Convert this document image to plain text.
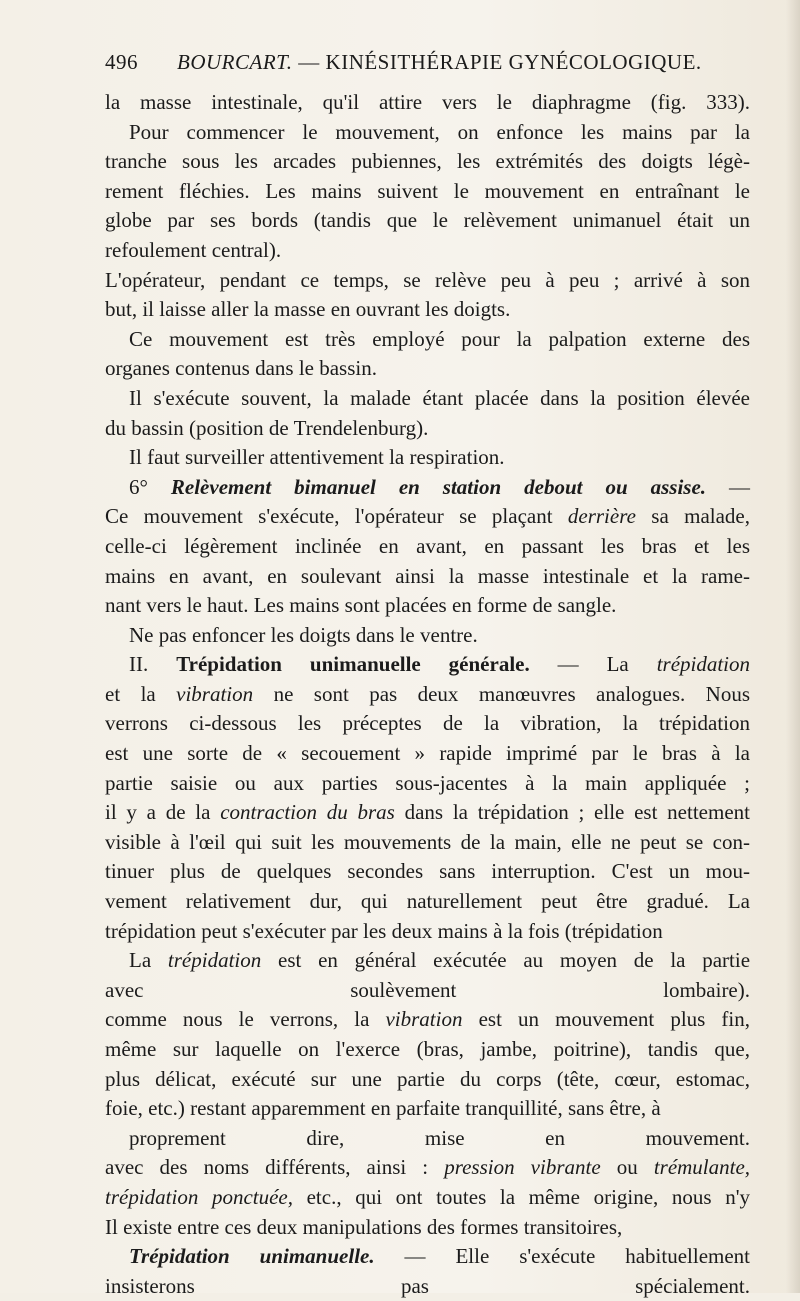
496 BOURCART. — KINÉSITHÉRAPIE GYNÉCOLOGIQUE.
la masse intestinale, qu'il attire vers le diaphragme (fig. 333).
Pour commencer le mouvement, on enfonce les mains par la
tranche sous les arcades pubiennes, les extrémités des doigts légè-
rement fléchies. Les mains suivent le mouvement en entraînant le
globe par ses bords (tandis que le relèvement unimanuel était un
refoulement central).
L'opérateur, pendant ce temps, se relève peu à peu ; arrivé à son
but, il laisse aller la masse en ouvrant les doigts.
Ce mouvement est très employé pour la palpation externe des
organes contenus dans le bassin.
Il s'exécute souvent, la malade étant placée dans la position élevée
du bassin (position de Trendelenburg).
Il faut surveiller attentivement la respiration.
6° Relèvement bimanuel en station debout ou assise. —
Ce mouvement s'exécute, l'opérateur se plaçant derrière sa malade,
celle-ci légèrement inclinée en avant, en passant les bras et les
mains en avant, en soulevant ainsi la masse intestinale et la rame-
nant vers le haut. Les mains sont placées en forme de sangle.
Ne pas enfoncer les doigts dans le ventre.
II. Trépidation unimanuelle générale. — La trépidation
et la vibration ne sont pas deux manœuvres analogues. Nous
verrons ci-dessous les préceptes de la vibration, la trépidation
est une sorte de « secouement » rapide imprimé par le bras à la
partie saisie ou aux parties sous-jacentes à la main appliquée ;
il y a de la contraction du bras dans la trépidation ; elle est nettement
visible à l'œil qui suit les mouvements de la main, elle ne peut se con-
tinuer plus de quelques secondes sans interruption. C'est un mou-
vement relativement dur, qui naturellement peut être gradué. La
trépidation peut s'exécuter par les deux mains à la fois (trépidation
La trépidation est en général exécutée au moyen de la partie
avec soulèvement lombaire).
comme nous le verrons, la vibration est un mouvement plus fin,
même sur laquelle on l'exerce (bras, jambe, poitrine), tandis que,
plus délicat, exécuté sur une partie du corps (tête, cœur, estomac,
foie, etc.) restant apparemment en parfaite tranquillité, sans être, à
proprement dire, mise en mouvement.
avec des noms différents, ainsi : pression vibrante ou trémulante,
trépidation ponctuée, etc., qui ont toutes la même origine, nous n'y
Il existe entre ces deux manipulations des formes transitoires,
Trépidation unimanuelle. — Elle s'exécute habituellement
insisterons pas spécialement.
